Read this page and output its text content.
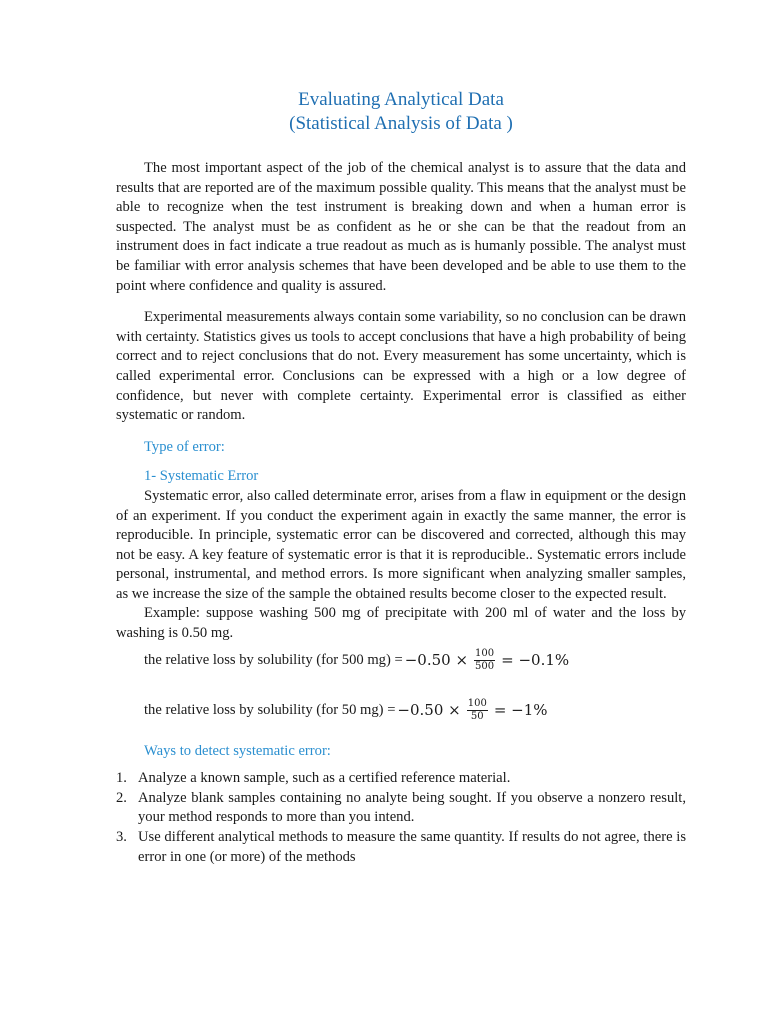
Evaluating Analytical Data
(Statistical Analysis of Data )

The most important aspect of the job of the chemical analyst is to assure that the data and results that are reported are of the maximum possible quality. This means that the analyst must be able to recognize when the test instrument is breaking down and when a human error is suspected. The analyst must be as confident as he or she can be that the readout from an instrument does in fact indicate a true readout as much as is humanly possible. The analyst must be familiar with error analysis schemes that have been developed and be able to use them to the point where confidence and quality is assured.

Experimental measurements always contain some variability, so no conclusion can be drawn with certainty. Statistics gives us tools to accept conclusions that have a high probability of being correct and to reject conclusions that do not. Every measurement has some uncertainty, which is called experimental error. Conclusions can be expressed with a high or a low degree of confidence, but never with complete certainty. Experimental error is classified as either systematic or random.

Type of error:
1- Systematic Error

Systematic error, also called determinate error, arises from a flaw in equipment or the design of an experiment. If you conduct the experiment again in exactly the same manner, the error is reproducible. In principle, systematic error can be discovered and corrected, although this may not be easy. A key feature of systematic error is that it is reproducible.. Systematic errors include personal, instrumental, and method errors. Is more significant when analyzing smaller samples, as we increase the size of the sample the obtained results become closer to the expected result.

Example: suppose washing 500 mg of precipitate with 200 ml of water and the loss by washing is 0.50 mg.

the relative loss by solubility (for 500 $mg) = -0.50 \times \frac{100}{500} = -0.1\%$
the relative loss by solubility (for 50 $mg) = -0.50 \times \frac{100}{50} = -1\%$
Ways to detect systematic error:
1. Analyze a known sample, such as a certified reference material.
2. Analyze blank samples containing no analyte being sought. If you observe a nonzero result, your method responds to more than you intend.
3. Use different analytical methods to measure the same quantity. If results do not agree, there is error in one (or more) of the methods
